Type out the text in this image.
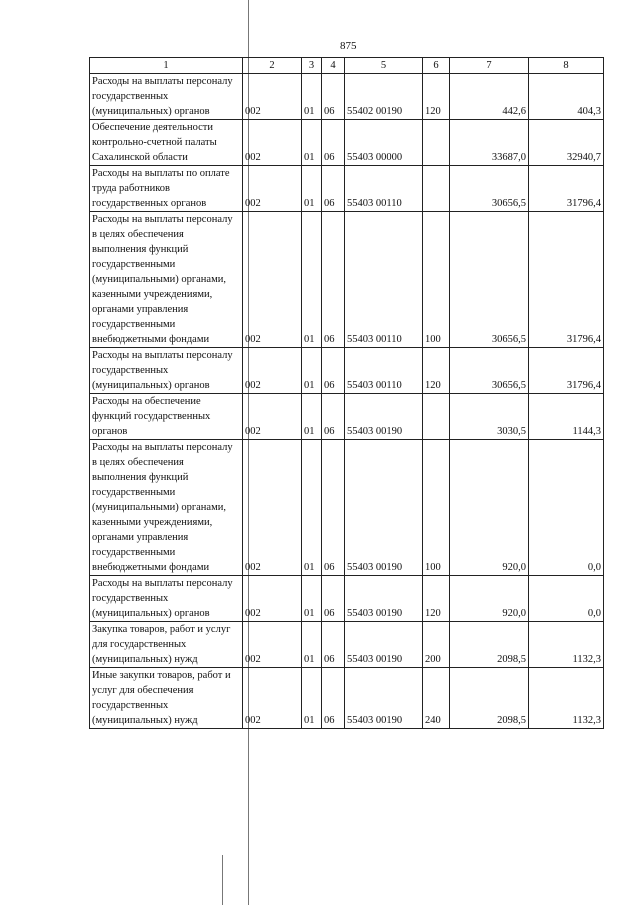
875
1	2	3	4	5	6	7	8
Расходы на выплаты персоналу государственных (муниципальных) органов	002	01	06	55402 00190	120	442,6	404,3
Обеспечение деятельности контрольно-счетной палаты Сахалинской области	002	01	06	55403 00000		33687,0	32940,7
Расходы на выплаты по оплате труда работников государственных органов	002	01	06	55403 00110		30656,5	31796,4
Расходы на выплаты персоналу в целях обеспечения выполнения функций государственными (муниципальными) органами, казенными учреждениями, органами управления государственными внебюджетными фондами	002	01	06	55403 00110	100	30656,5	31796,4
Расходы на выплаты персоналу государственных (муниципальных) органов	002	01	06	55403 00110	120	30656,5	31796,4
Расходы на обеспечение функций государственных органов	002	01	06	55403 00190		3030,5	1144,3
Расходы на выплаты персоналу в целях обеспечения выполнения функций государственными (муниципальными) органами, казенными учреждениями, органами управления государственными внебюджетными фондами	002	01	06	55403 00190	100	920,0	0,0
Расходы на выплаты персоналу государственных (муниципальных) органов	002	01	06	55403 00190	120	920,0	0,0
Закупка товаров, работ и услуг для государственных (муниципальных) нужд	002	01	06	55403 00190	200	2098,5	1132,3
Иные закупки товаров, работ и услуг для обеспечения государственных (муниципальных) нужд	002	01	06	55403 00190	240	2098,5	1132,3
